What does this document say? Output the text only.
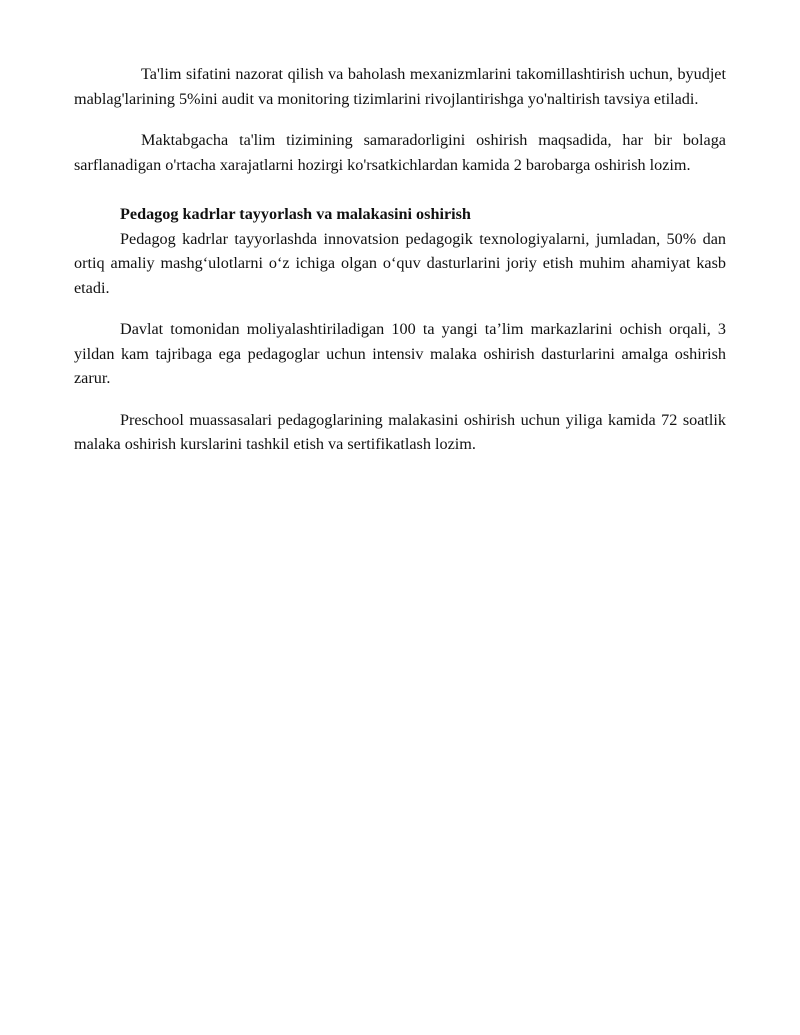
Ta'lim sifatini nazorat qilish va baholash mexanizmlarini takomillashtirish uchun, byudjet mablag'larining 5%ini audit va monitoring tizimlarini rivojlantirishga yo'naltirish tavsiya etiladi.

Maktabgacha ta'lim tizimining samaradorligini oshirish maqsadida, har bir bolaga sarflanadigan o'rtacha xarajatlarni hozirgi ko'rsatkichlardan kamida 2 barobarga oshirish lozim.

Pedagog kadrlar tayyorlash va malakasini oshirish

Pedagog kadrlar tayyorlashda innovatsion pedagogik texnologiyalarni, jumladan, 50% dan ortiq amaliy mashg‘ulotlarni o‘z ichiga olgan o‘quv dasturlarini joriy etish muhim ahamiyat kasb etadi.

Davlat tomonidan moliyalashtiriladigan 100 ta yangi ta’lim markazlarini ochish orqali, 3 yildan kam tajribaga ega pedagoglar uchun intensiv malaka oshirish dasturlarini amalga oshirish zarur.

Preschool muassasalari pedagoglarining malakasini oshirish uchun yiliga kamida 72 soatlik malaka oshirish kurslarini tashkil etish va sertifikatlash lozim.
